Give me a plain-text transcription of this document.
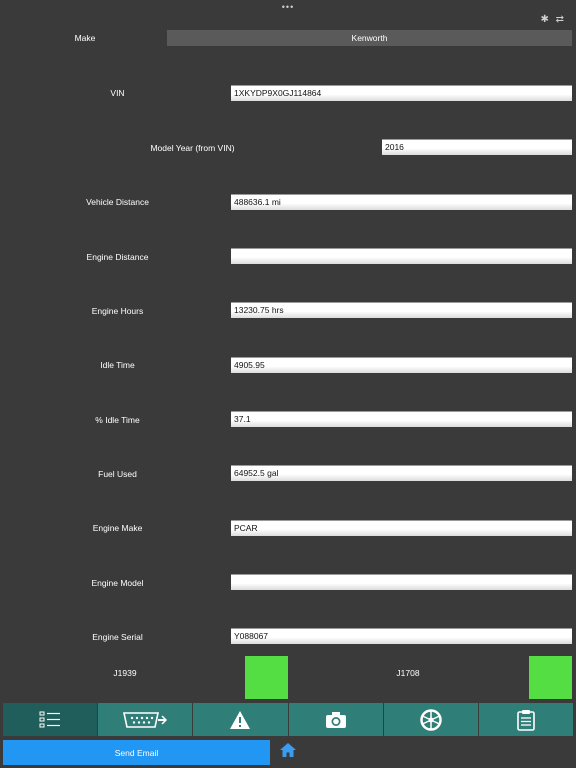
•••
✱ ⇄
Make	Kenworth
VIN	1XKYDP9X0GJ114864
Model Year (from VIN)	2016
Vehicle Distance	488636.1 mi
Engine Distance
Engine Hours	13230.75 hrs
Idle Time	4905.95
% Idle Time	37.1
Fuel Used	64952.5 gal
Engine Make	PCAR
Engine Model
Engine Serial	Y088067
J1939	J1708
Send Email
